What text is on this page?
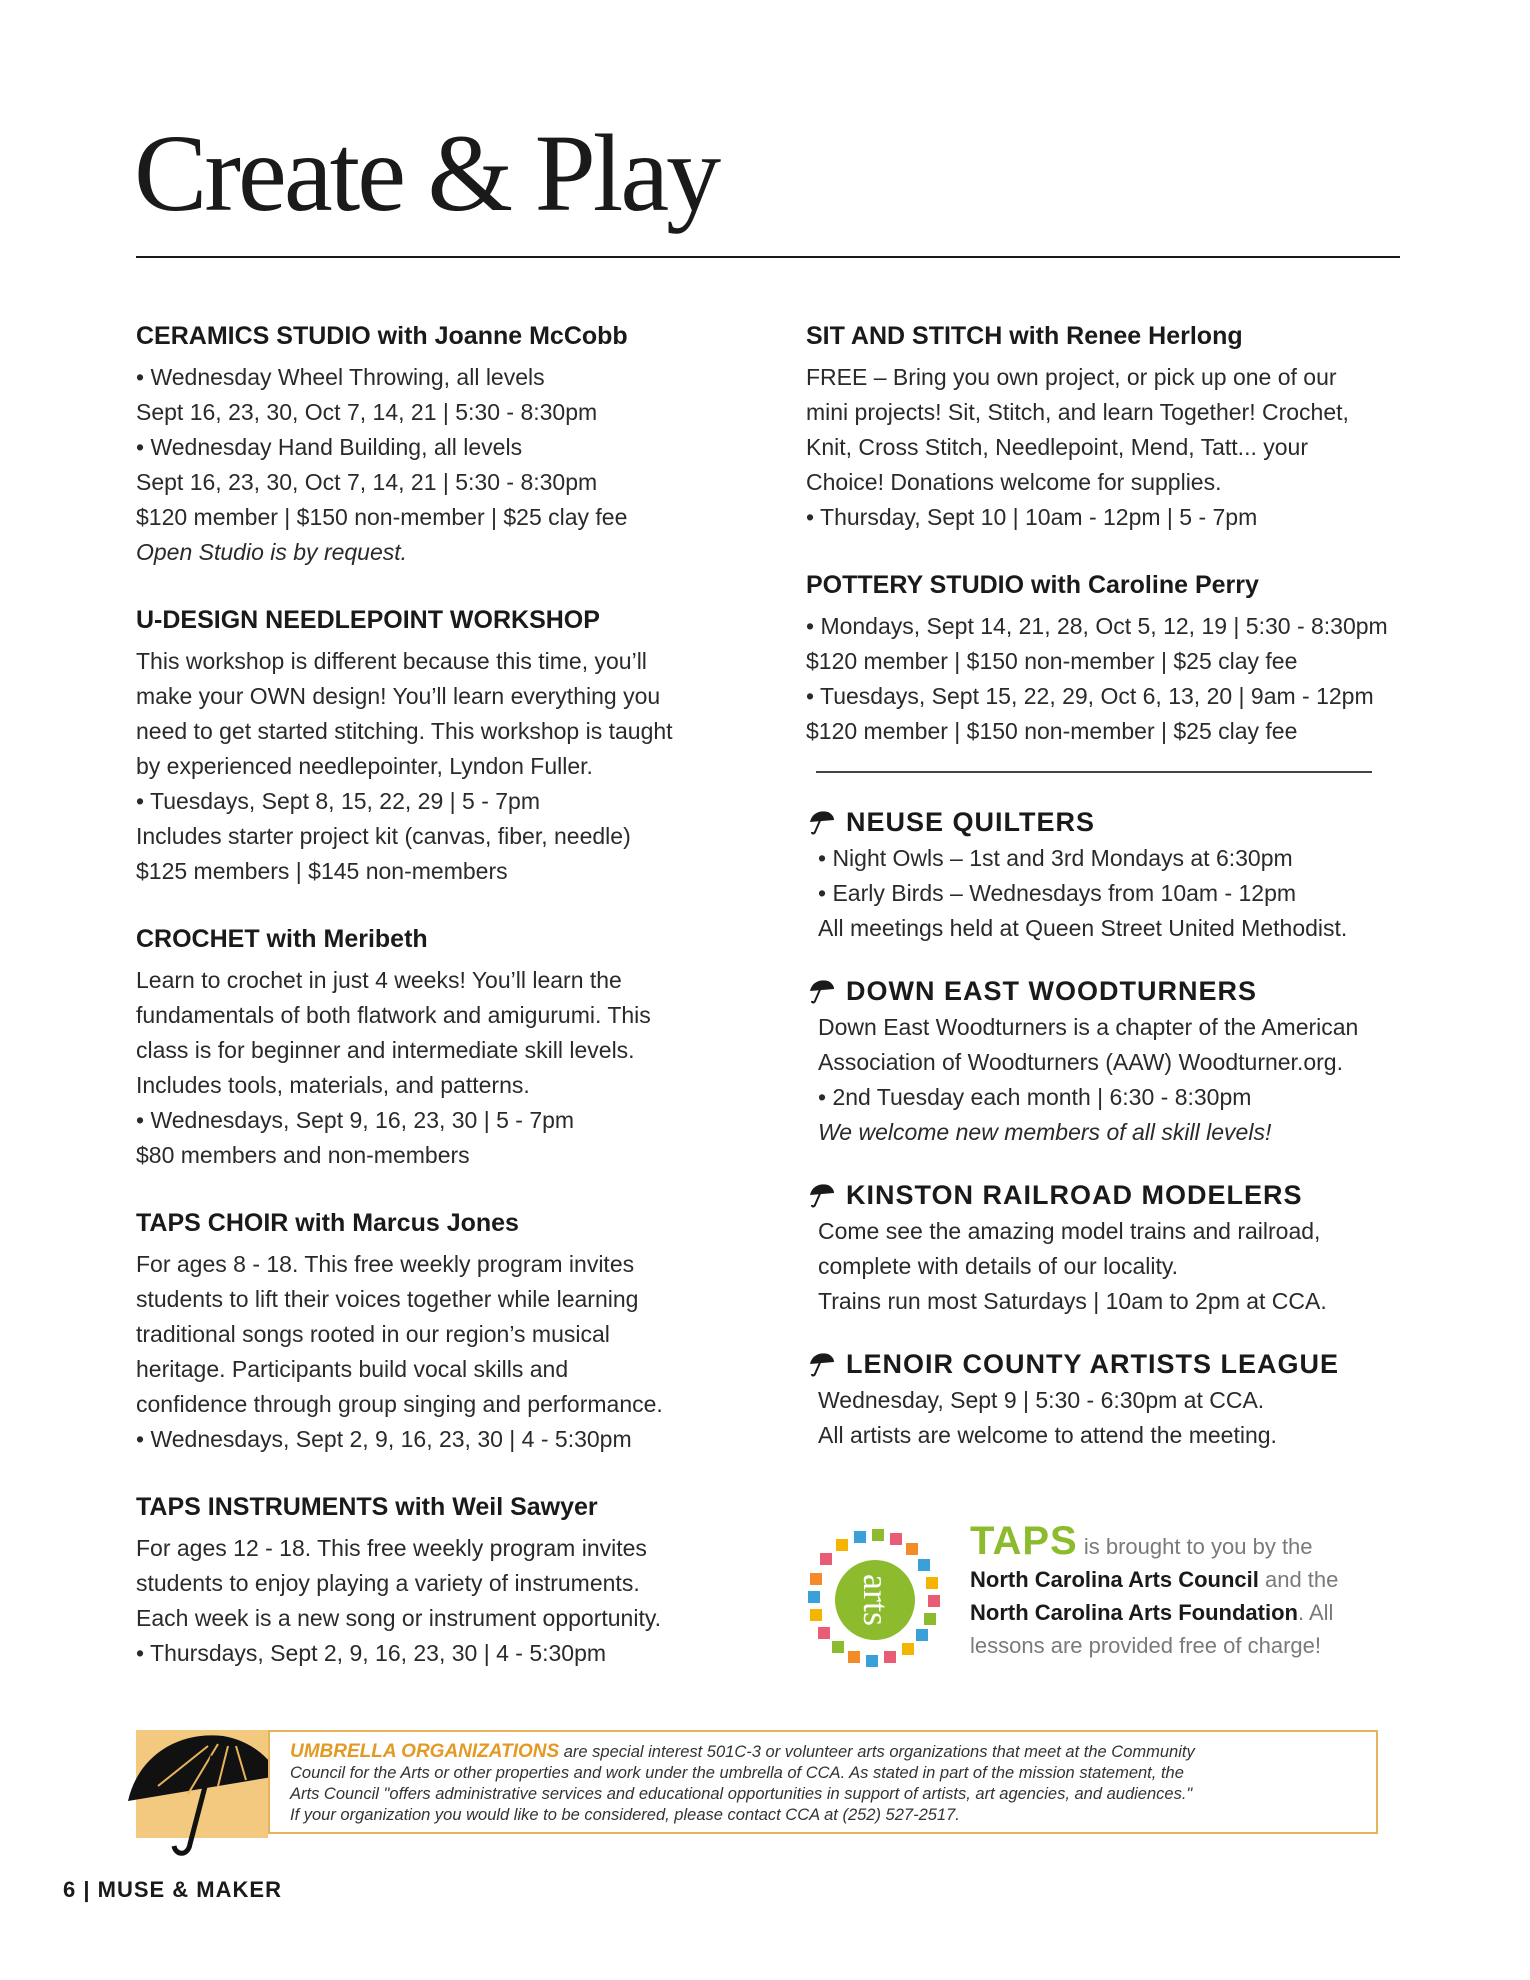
Create & Play

CERAMICS STUDIO with Joanne McCobb

• Wednesday Wheel Throwing, all levels

Sept 16, 23, 30, Oct 7, 14, 21 | 5:30 - 8:30pm

• Wednesday Hand Building, all levels

Sept 16, 23, 30, Oct 7, 14, 21 | 5:30 - 8:30pm

$120 member | $150 non-member | $25 clay fee

Open Studio is by request.

U-DESIGN NEEDLEPOINT WORKSHOP

This workshop is different because this time, you’ll

make your OWN design! You’ll learn everything you

need to get started stitching. This workshop is taught

by experienced needlepointer, Lyndon Fuller.

• Tuesdays, Sept 8, 15, 22, 29 | 5 - 7pm

Includes starter project kit (canvas, fiber, needle)

$125 members | $145 non-members

CROCHET with Meribeth

Learn to crochet in just 4 weeks! You’ll learn the

fundamentals of both flatwork and amigurumi. This

class is for beginner and intermediate skill levels.

Includes tools, materials, and patterns.

• Wednesdays, Sept 9, 16, 23, 30 | 5 - 7pm

$80 members and non-members

TAPS CHOIR with Marcus Jones

For ages 8 - 18. This free weekly program invites

students to lift their voices together while learning

traditional songs rooted in our region’s musical

heritage. Participants build vocal skills and

confidence through group singing and performance.

• Wednesdays, Sept 2, 9, 16, 23, 30 | 4 - 5:30pm

TAPS INSTRUMENTS with Weil Sawyer

For ages 12 - 18. This free weekly program invites

students to enjoy playing a variety of instruments.

Each week is a new song or instrument opportunity.

• Thursdays, Sept 2, 9, 16, 23, 30 | 4 - 5:30pm

SIT AND STITCH with Renee Herlong

FREE – Bring you own project, or pick up one of our

mini projects! Sit, Stitch, and learn Together! Crochet,

Knit, Cross Stitch, Needlepoint, Mend, Tatt... your

Choice! Donations welcome for supplies.

• Thursday, Sept 10 | 10am - 12pm | 5 - 7pm

POTTERY STUDIO with Caroline Perry

• Mondays, Sept 14, 21, 28, Oct 5, 12, 19 | 5:30 - 8:30pm

$120 member | $150 non-member | $25 clay fee

• Tuesdays, Sept 15, 22, 29, Oct 6, 13, 20 | 9am - 12pm

$120 member | $150 non-member | $25 clay fee

NEUSE QUILTERS

• Night Owls – 1st and 3rd Mondays at 6:30pm

• Early Birds – Wednesdays from 10am - 12pm

All meetings held at Queen Street United Methodist.

DOWN EAST WOODTURNERS

Down East Woodturners is a chapter of the American

Association of Woodturners (AAW) Woodturner.org.

• 2nd Tuesday each month | 6:30 - 8:30pm

We welcome new members of all skill levels!

KINSTON RAILROAD MODELERS

Come see the amazing model trains and railroad,

complete with details of our locality.

Trains run most Saturdays | 10am to 2pm at CCA.

LENOIR COUNTY ARTISTS LEAGUE

Wednesday, Sept 9 | 5:30 - 6:30pm at CCA.

All artists are welcome to attend the meeting.

arts
TAPS is brought to you by the
North Carolina Arts Council and the
North Carolina Arts Foundation. All
lessons are provided free of charge!

UMBRELLA ORGANIZATIONS are special interest 501C-3 or volunteer arts organizations that meet at the Community

Council for the Arts or other properties and work under the umbrella of CCA. As stated in part of the mission statement, the

Arts Council "offers administrative services and educational opportunities in support of artists, art agencies, and audiences."

If your organization you would like to be considered, please contact CCA at (252) 527-2517.

6 | MUSE & MAKER
